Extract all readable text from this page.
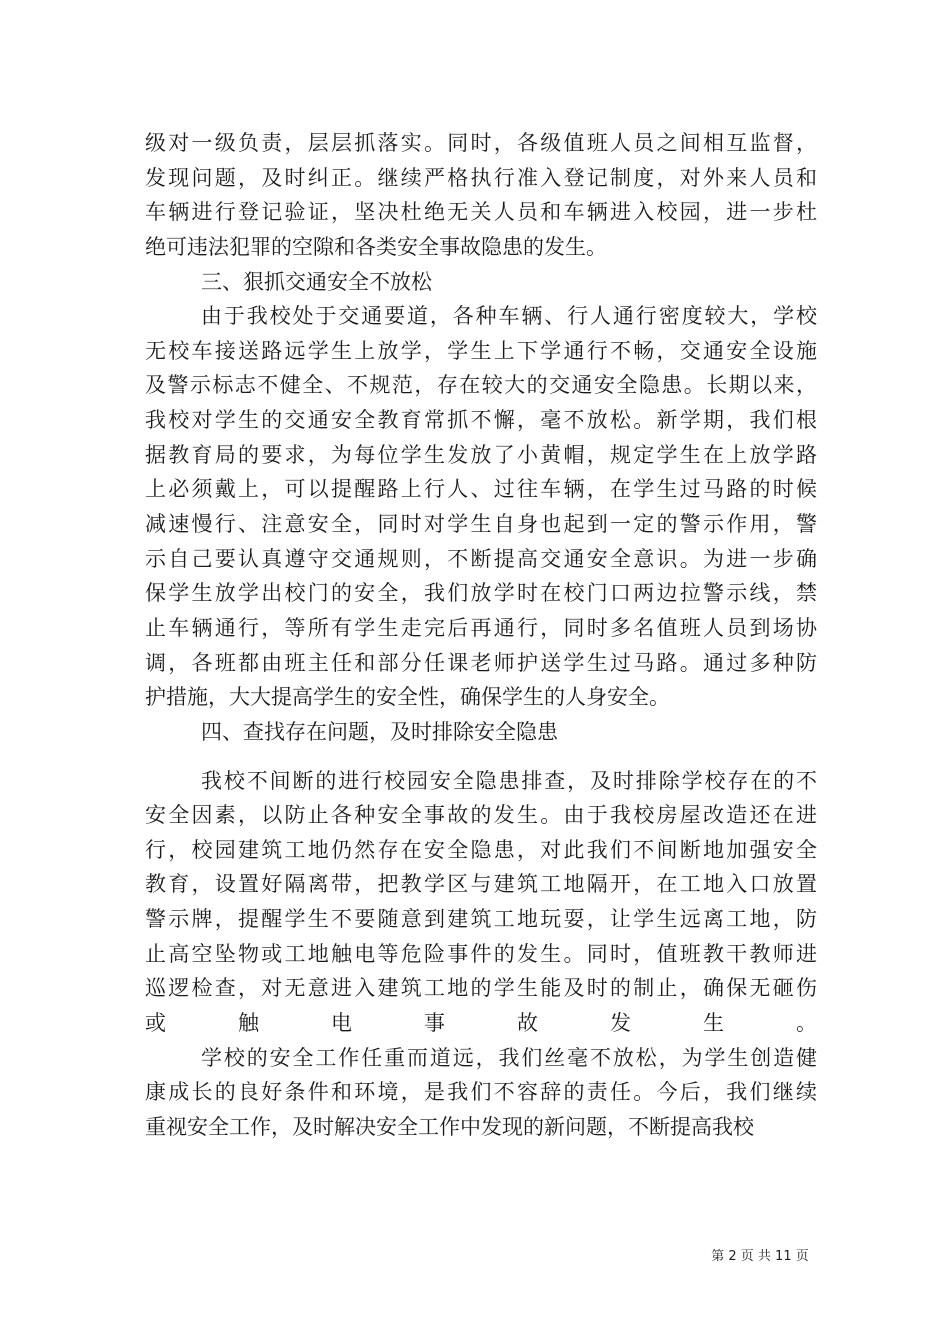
级对一级负责，层层抓落实。同时，各级值班人员之间相互监督，
发现问题，及时纠正。继续严格执行准入登记制度，对外来人员和
车辆进行登记验证，坚决杜绝无关人员和车辆进入校园，进一步杜
绝可违法犯罪的空隙和各类安全事故隐患的发生。
三、狠抓交通安全不放松
由于我校处于交通要道，各种车辆、行人通行密度较大，学校
无校车接送路远学生上放学，学生上下学通行不畅，交通安全设施
及警示标志不健全、不规范，存在较大的交通安全隐患。长期以来，
我校对学生的交通安全教育常抓不懈，毫不放松。新学期，我们根
据教育局的要求，为每位学生发放了小黄帽，规定学生在上放学路
上必须戴上，可以提醒路上行人、过往车辆，在学生过马路的时候
减速慢行、注意安全，同时对学生自身也起到一定的警示作用，警
示自己要认真遵守交通规则，不断提高交通安全意识。为进一步确
保学生放学出校门的安全，我们放学时在校门口两边拉警示线，禁
止车辆通行，等所有学生走完后再通行，同时多名值班人员到场协
调，各班都由班主任和部分任课老师护送学生过马路。通过多种防
护措施，大大提高学生的安全性，确保学生的人身安全。
四、查找存在问题，及时排除安全隐患
我校不间断的进行校园安全隐患排查，及时排除学校存在的不
安全因素，以防止各种安全事故的发生。由于我校房屋改造还在进
行，校园建筑工地仍然存在安全隐患，对此我们不间断地加强安全
教育，设置好隔离带，把教学区与建筑工地隔开，在工地入口放置
警示牌，提醒学生不要随意到建筑工地玩耍，让学生远离工地，防
止高空坠物或工地触电等危险事件的发生。同时，值班教干教师进
巡逻检查，对无意进入建筑工地的学生能及时的制止，确保无砸伤
或触电事故发生。
学校的安全工作任重而道远，我们丝毫不放松，为学生创造健
康成长的良好条件和环境，是我们不容辞的责任。今后，我们继续
重视安全工作，及时解决安全工作中发现的新问题，不断提高我校
第 2 页 共 11 页
